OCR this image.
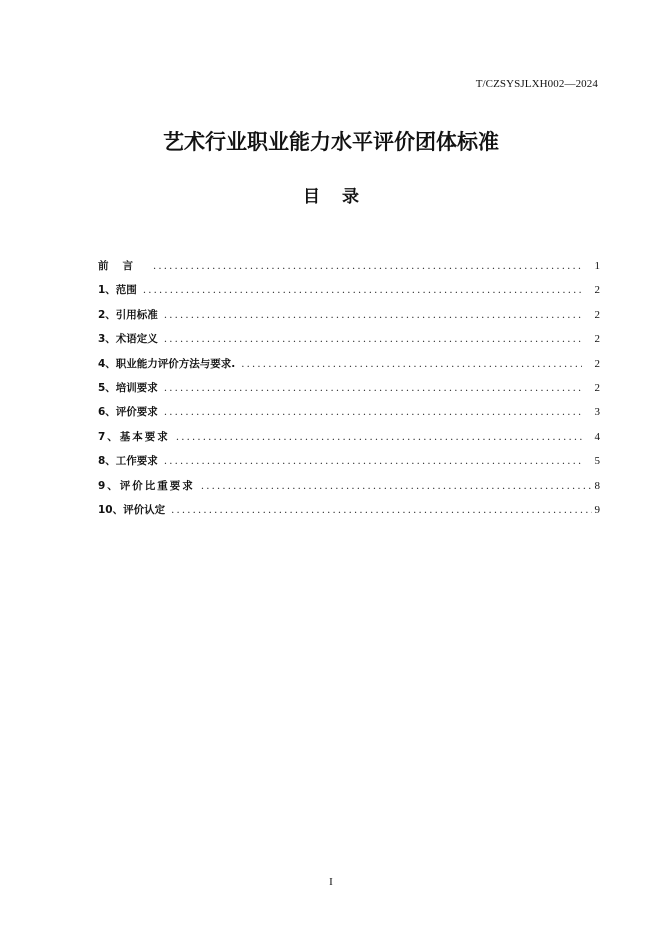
T/CZSYSJLXH002—2024
艺术行业职业能力水平评价团体标准
目录
前言 .....	1
1、范围 .....	2
2、引用标准 .....	2
3、术语定义 .....	2
4、职业能力评价方法与要求. .....	2
5、培训要求 .....	2
6、评价要求 .....	3
7、基本要求 .....	4
8、工作要求 .....	5
9、评价比重要求 .....	8
10、评价认定 .....	9
I
